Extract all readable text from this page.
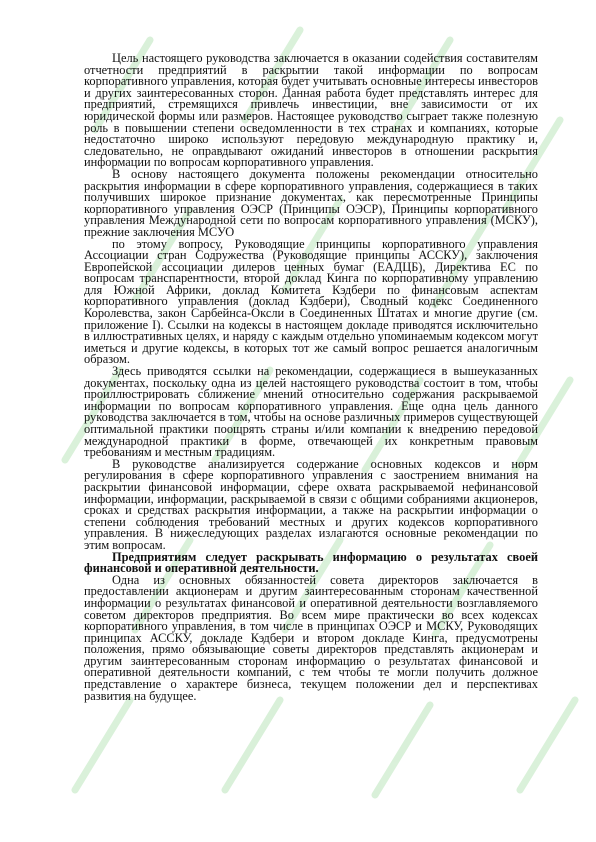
Цель настоящего руководства заключается в оказании содействия составителям отчетности предприятий в раскрытии такой информации по вопросам корпоративного управления, которая будет учитывать основные интересы инвесторов и других заинтересованных сторон. Данная работа будет представлять интерес для предприятий, стремящихся привлечь инвестиции, вне зависимости от их юридической формы или размеров. Настоящее руководство сыграет также полезную роль в повышении степени осведомленности в тех странах и компаниях, которые недостаточно широко используют передовую международную практику и, следовательно, не оправдывают ожиданий инвесторов в отношении раскрытия информации по вопросам корпоративного управления.

В основу настоящего документа положены рекомендации относительно раскрытия информации в сфере корпоративного управления, содержащиеся в таких получивших широкое признание документах, как пересмотренные Принципы корпоративного управления ОЭСР (Принципы ОЭСР), Принципы корпоративного управления Международной сети по вопросам корпоративного управления (МСКУ), прежние заключения МСУО

по этому вопросу, Руководящие принципы корпоративного управления Ассоциации стран Содружества (Руководящие принципы АССКУ), заключения Европейской ассоциации дилеров ценных бумаг (ЕАДЦБ), Директива ЕС по вопросам транспарентности, второй доклад Кинга по корпоративному управлению для Южной Африки, доклад Комитета Кэдбери по финансовым аспектам корпоративного управления (доклад Кэдбери), Сводный кодекс Соединенного Королевства, закон Сарбейнса-Оксли в Соединенных Штатах и многие другие (см. приложение I). Ссылки на кодексы в настоящем докладе приводятся исключительно в иллюстративных целях, и наряду с каждым отдельно упоминаемым кодексом могут иметься и другие кодексы, в которых тот же самый вопрос решается аналогичным образом.

Здесь приводятся ссылки на рекомендации, содержащиеся в вышеуказанных документах, поскольку одна из целей настоящего руководства состоит в том, чтобы проиллюстрировать сближение мнений относительно содержания раскрываемой информации по вопросам корпоративного управления. Еще одна цель данного руководства заключается в том, чтобы на основе различных примеров существующей оптимальной практики поощрять страны и/или компании к внедрению передовой международной практики в форме, отвечающей их конкретным правовым требованиям и местным традициям.

В руководстве анализируется содержание основных кодексов и норм регулирования в сфере корпоративного управления с заострением внимания на раскрытии финансовой информации, сфере охвата раскрываемой нефинансовой информации, информации, раскрываемой в связи с общими собраниями акционеров, сроках и средствах раскрытия информации, а также на раскрытии информации о степени соблюдения требований местных и других кодексов корпоративного управления. В нижеследующих разделах излагаются основные рекомендации по этим вопросам.

Предприятиям следует раскрывать информацию о результатах своей финансовой и оперативной деятельности.

Одна из основных обязанностей совета директоров заключается в предоставлении акционерам и другим заинтересованным сторонам качественной информации о результатах финансовой и оперативной деятельности возглавляемого советом директоров предприятия. Во всем мире практически во всех кодексах корпоративного управления, в том числе в принципах ОЭСР и МСКУ, Руководящих принципах АССКУ, докладе Кэдбери и втором докладе Кинга, предусмотрены положения, прямо обязывающие советы директоров представлять акционерам и другим заинтересованным сторонам информацию о результатах финансовой и оперативной деятельности компаний, с тем чтобы те могли получить должное представление о характере бизнеса, текущем положении дел и перспективах развития на будущее.
